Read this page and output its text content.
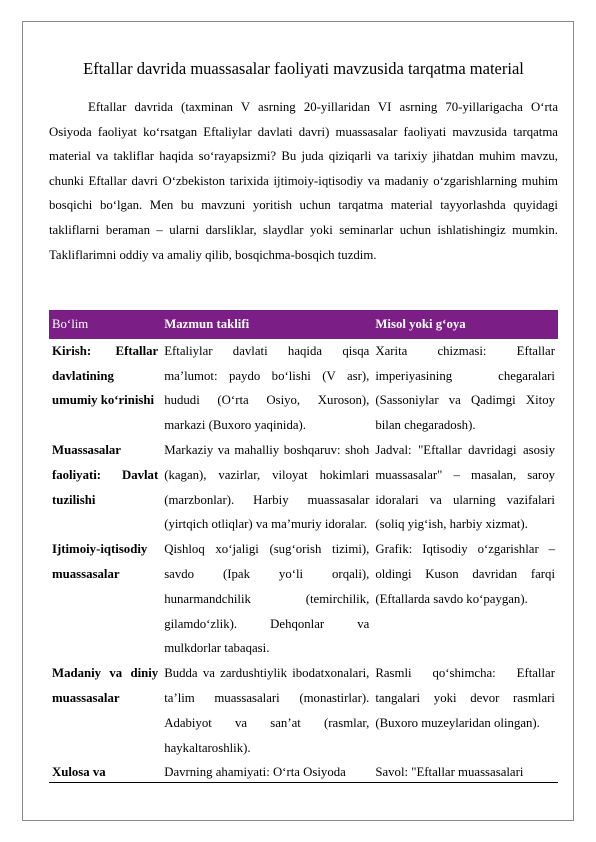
Eftallar davrida muassasalar faoliyati mavzusida tarqatma material

Eftallar davrida (taxminan V asrning 20-yillaridan VI asrning 70-yillarigacha O‘rta Osiyoda faoliyat ko‘rsatgan Eftaliylar davlati davri) muassasalar faoliyati mavzusida tarqatma material va takliflar haqida so‘rayapsizmi? Bu juda qiziqarli va tarixiy jihatdan muhim mavzu, chunki Eftallar davri O‘zbekiston tarixida ijtimoiy-iqtisodiy va madaniy o‘zgarishlarning muhim bosqichi bo‘lgan. Men bu mavzuni yoritish uchun tarqatma material tayyorlashda quyidagi takliflarni beraman – ularni darsliklar, slaydlar yoki seminarlar uchun ishlatishingiz mumkin. Takliflarimni oddiy va amaliy qilib, bosqichma-bosqich tuzdim.

Bo‘lim	Mazmun taklifi	Misol yoki g‘oya
Kirish: Eftallar davlatining umumiy ko‘rinishi	Eftaliylar davlati haqida qisqa ma’lumot: paydo bo‘lishi (V asr), hududi (O‘rta Osiyo, Xuroson), markazi (Buxoro yaqinida).	Xarita chizmasi: Eftallar imperiyasining chegaralari (Sassoniylar va Qadimgi Xitoy bilan chegaradosh).
Muassasalar faoliyati: Davlat tuzilishi	Markaziy va mahalliy boshqaruv: shoh (kagan), vazirlar, viloyat hokimlari (marzbonlar). Harbiy muassasalar (yirtqich otliqlar) va ma’muriy idoralar.	Jadval: "Eftallar davridagi asosiy muassasalar" – masalan, saroy idoralari va ularning vazifalari (soliq yig‘ish, harbiy xizmat).
Ijtimoiy-iqtisodiy muassasalar	Qishloq xo‘jaligi (sug‘orish tizimi), savdo (Ipak yo‘li orqali), hunarmandchilik (temirchilik, gilamdo‘zlik). Dehqonlar va mulkdorlar tabaqasi.	Grafik: Iqtisodiy o‘zgarishlar – oldingi Kuson davridan farqi (Eftallarda savdo ko‘paygan).
Madaniy va diniy muassasalar	Budda va zardushtiylik ibodatxonalari, ta’lim muassasalari (monastirlar). Adabiyot va san’at (rasmlar, haykaltaroshlik).	Rasmli qo‘shimcha: Eftallar tangalari yoki devor rasmlari (Buxoro muzeylaridan olingan).

Xulosa va	Davrning ahamiyati: O‘rta Osiyoda	Savol: "Eftallar muassasalari
